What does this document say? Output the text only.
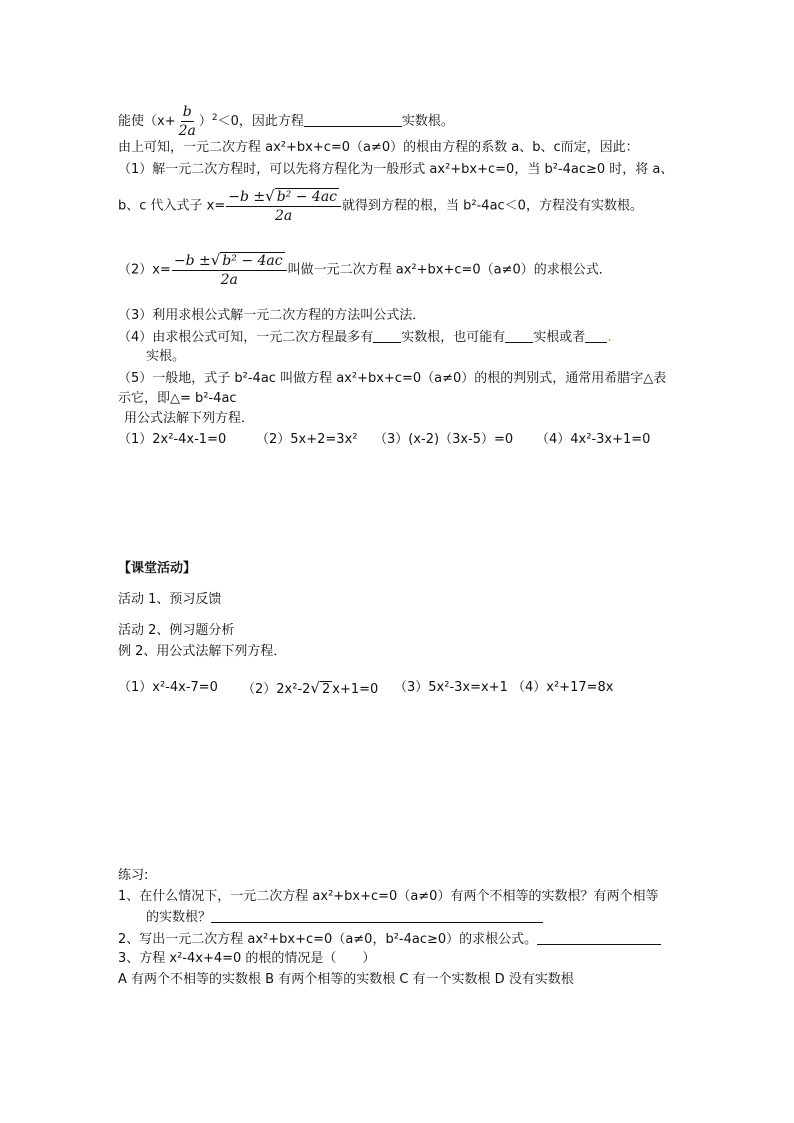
能使$(x+ \frac{b}{2a} )^2<0$，因此方程	实数根。
由上可知，一元二次方程 ax²+bx+c=0（a≠0）的根由方程的系数 a、b、c而定，因此：
（1）解一元二次方程时，可以先将方程化为一般形式 ax²+bx+c=0，当 b²-4ac≥0 时，将 a、
b、c 代入式子 $x= \frac{\text{−b ±√ b² − 4ac}}{2a}$ 就得到方程的根，当 b²-4ac＜0，方程没有实数根。
$(2)x= \frac{\text{−b ±√ b² − 4ac}}{2a}$ 叫做一元二次方程 ax²+bx+c=0（a≠0）的求根公式．
（3）利用求根公式解一元二次方程的方法叫公式法．
（4）由求根公式可知，一元二次方程最多有 实数根，也可能有 实根或者 .
实根。
（5）一般地，式子 b²-4ac 叫做方程 ax²+bx+c=0（a≠0）的根的判别式，通常用希腊字△表
示它，即△= b²-4ac
用公式法解下列方程．
（1）2x²-4x-1=0 （2）5x+2=3x² （3）(x-2)（3x-5）=0 （4）4x²-3x+1=0
【课堂活动】
活动 1、预习反馈
活动 2、例习题分析
例 2、用公式法解下列方程．
（1）x²-4x-7=0 （2）2x²-2√ 2 x+1=0 （3）5x²-3x=x+1 （4）x²+17=8x
练习:
1、在什么情况下，一元二次方程 ax²+bx+c=0（a≠0）有两个不相等的实数根？有两个相等
的实数根？
2、写出一元二次方程 ax²+bx+c=0（a≠0，b²-4ac≥0）的求根公式。
3、方程 x²-4x+4=0 的根的情况是（　　）
A 有两个不相等的实数根 B 有两个相等的实数根 C 有一个实数根 D 没有实数根
